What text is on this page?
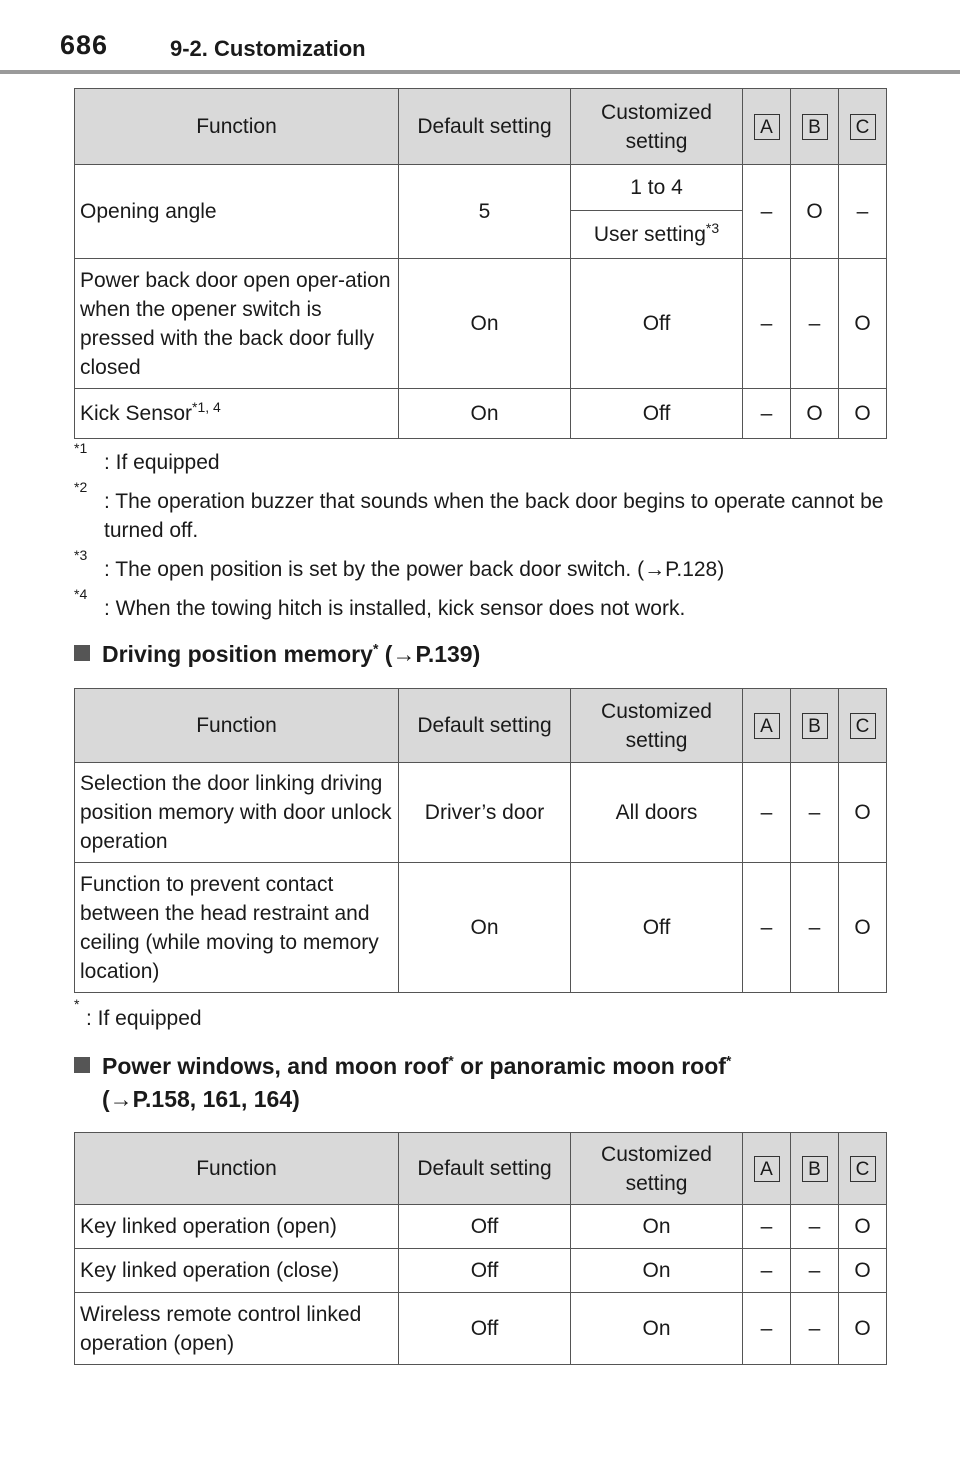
686	9-2. Customization
Function	Default setting	Customized setting	A	B	C
Opening angle	5	1 to 4	–	O	–
		User setting$^{*3}$
Power back door open oper-ation when the opener switch is pressed with the back door fully closed	On	Off	–	–	O
Kick Sensor$^{*1, 4}$	On	Off	–	O	O
*1
: If equipped
*2
: The operation buzzer that sounds when the back door begins to operate cannot be turned off.
*3
: The open position is set by the power back door switch. (→P.128)
*4
: When the towing hitch is installed, kick sensor does not work.
Driving position memory* (→P.139)
Function	Default setting	Customized setting	A	B	C
Selection the door linking driving position memory with door unlock operation	Driver’s door	All doors	–	–	O
Function to prevent contact between the head restraint and ceiling (while moving to memory location)	On	Off	–	–	O
*
: If equipped
Power windows, and moon roof* or panoramic moon roof*
(→P.158, 161, 164)
Function	Default setting	Customized setting	A	B	C
Key linked operation (open)	Off	On	–	–	O
Key linked operation (close)	Off	On	–	–	O
Wireless remote control linked operation (open)	Off	On	–	–	O
